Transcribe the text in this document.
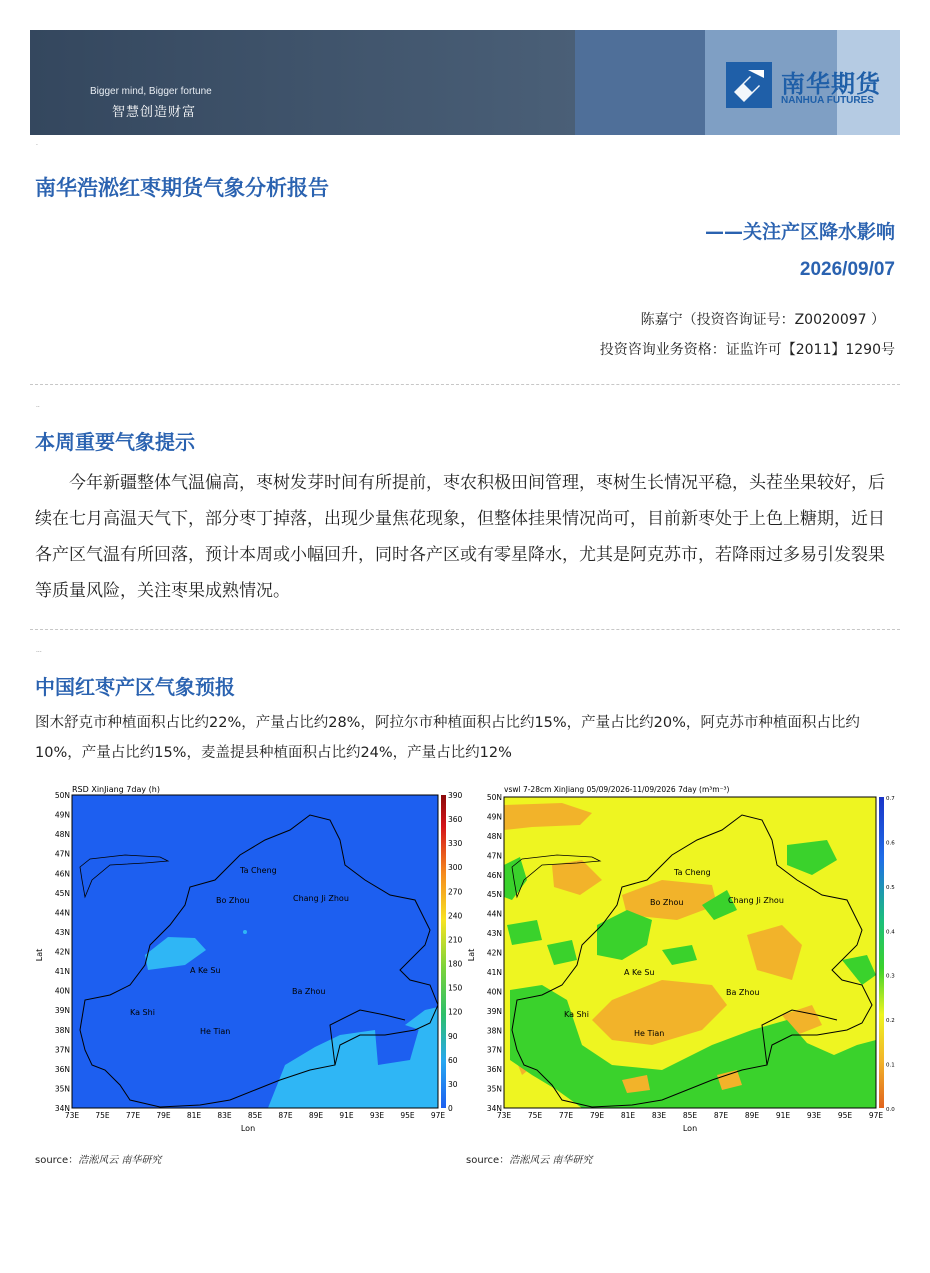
Bigger mind, Bigger fortune
智慧创造财富
南华期货
NANHUA FUTURES
.
南华浩淞红枣期货气象分析报告
——关注产区降水影响
2026/09/07
陈嘉宁（投资咨询证号：Z0020097 ）
投资咨询业务资格：证监许可【2011】1290号
..
本周重要气象提示
今年新疆整体气温偏高，枣树发芽时间有所提前，枣农积极田间管理，枣树生长情况平稳，头茬坐果较好，后续在七月高温天气下，部分枣丁掉落，出现少量焦花现象，但整体挂果情况尚可，目前新枣处于上色上糖期，近日各产区气温有所回落，预计本周或小幅回升，同时各产区或有零星降水，尤其是阿克苏市，若降雨过多易引发裂果等质量风险，关注枣果成熟情况。
...
中国红枣产区气象预报
图木舒克市种植面积占比约22%，产量占比约28%，阿拉尔市种植面积占比约15%，产量占比约20%，阿克苏市种植面积占比约10%，产量占比约15%，麦盖提县种植面积占比约24%，产量占比约12%
RSD XinJiang 7day (h)
Ta Cheng
Bo Zhou	Chang Ji Zhou
A Ke Su
Ba Zhou
Ka Shi
He Tian
73E 75E 77E 79E 81E 83E 85E 87E 89E 91E 93E 95E 97E
50N
49N
48N
47N
46N
45N
44N
43N
42N
41N
40N
39N
38N
37N
36N
35N
34N
Lon
Lat
390
360
330
300
270
240
210
180
150
120
90
60
30
0
vswl 7-28cm XinJiang 05/09/2026-11/09/2026 7day (m³m⁻³)
Ta Cheng
Bo Zhou	Chang Ji Zhou
A Ke Su
Ba Zhou
Ka Shi
He Tian
73E 75E 77E 79E 81E 83E 85E 87E 89E 91E 93E 95E 97E
50N
49N
48N
47N
46N
45N
44N
43N
42N
41N
40N
39N
38N
37N
36N
35N
34N
Lon
Lat
0.7
0.6
0.5
0.4
0.3
0.2
0.1
0.0
source：浩淞风云 南华研究	source：浩淞风云 南华研究
